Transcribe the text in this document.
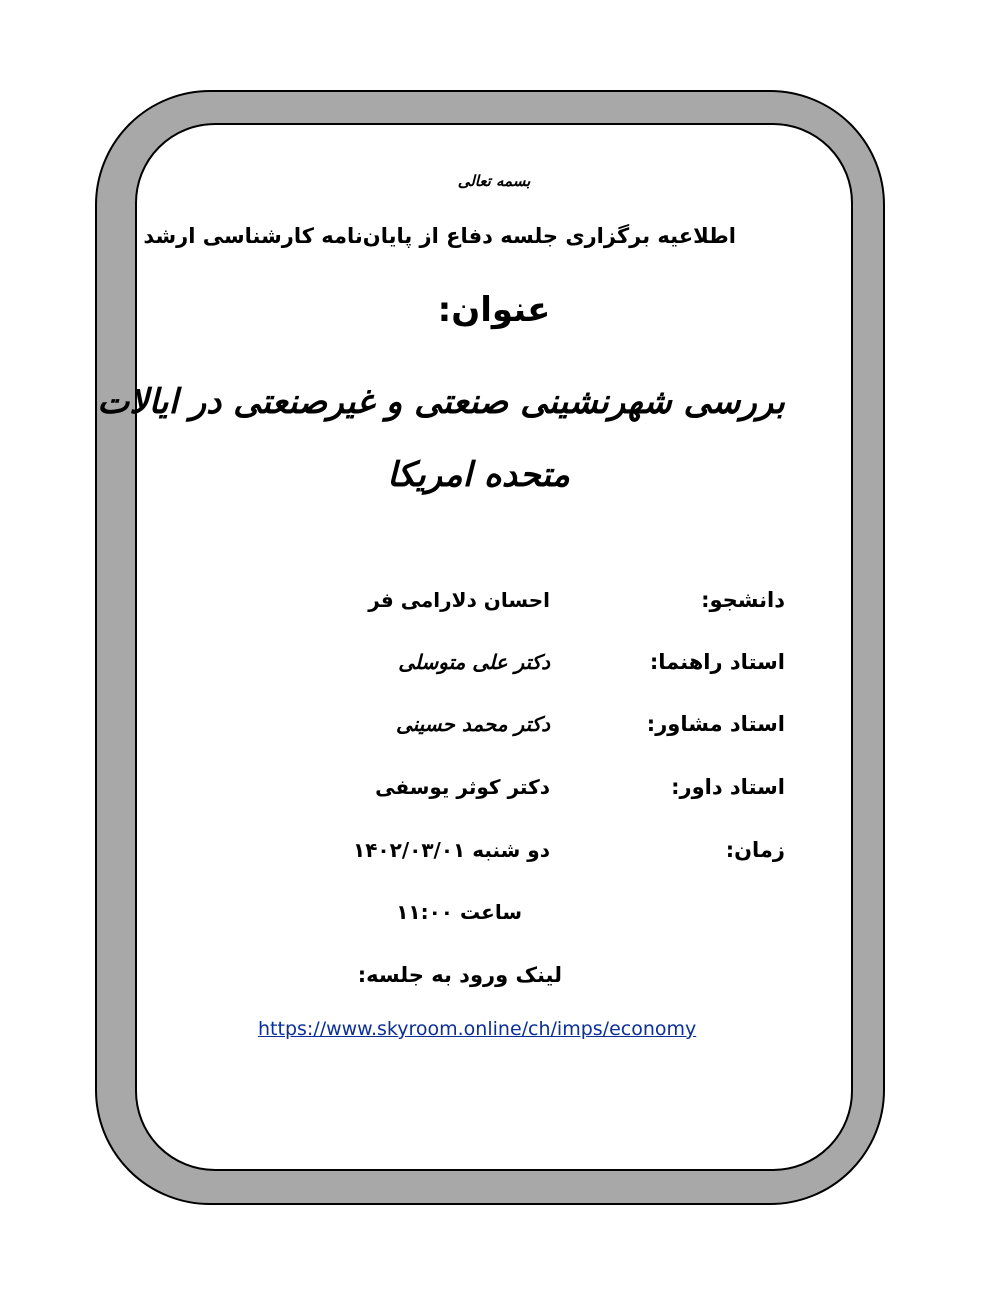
بسمه تعالی
اطلاعیه برگزاری جلسه دفاع از پایان‌نامه کارشناسی ارشد
عنوان:
بررسی شهرنشینی صنعتی و غیرصنعتی در ایالات
متحده امریکا
دانشجو:
احسان دلارامی فر
استاد راهنما:
دکتر علی متوسلی
استاد مشاور:
دکتر محمد حسینی
استاد داور:
دکتر کوثر یوسفی
زمان:
دو شنبه ۱۴۰۲/۰۳/۰۱
ساعت ۱۱:۰۰
لینک ورود به جلسه:
https://www.skyroom.online/ch/imps/economy
